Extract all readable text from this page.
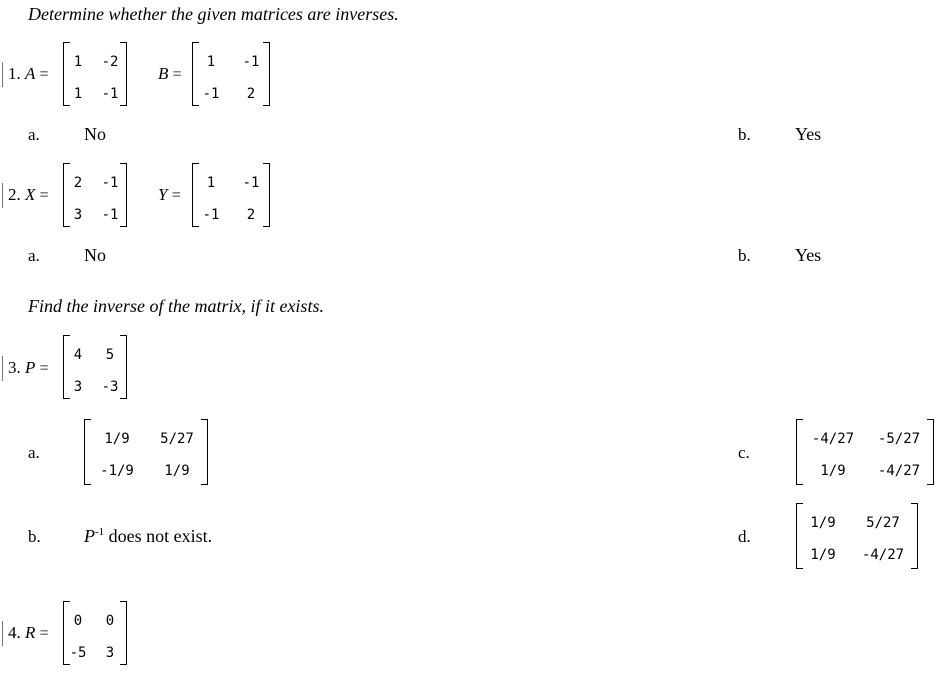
Determine whether the given matrices are inverses.
1. A =
1 -2
1 -1
B =
1 -1
-1 2
a. No	b. Yes
2. X =
2 -1
3 -1
Y =
1 -1
-1 2
a. No	b. Yes
Find the inverse of the matrix, if it exists.
3. P =
4 5
3 -3
a.
1/9 5/27
-1/9 1/9
c.
-4/27 -5/27
1/9 -4/27
b. $P^{-1}$ does not exist.	d.
1/9 5/27
1/9 -4/27
4. R =
0 0
-5 3
